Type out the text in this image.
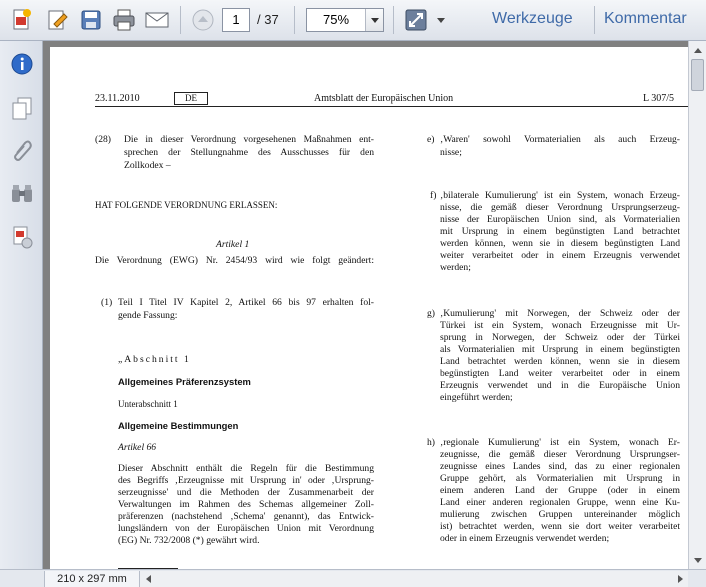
1	/ 37	75%	Werkzeuge Kommentar
23.11.2010	DE	Amtsblatt der Europäischen Union	L 307/5
(28) Die in dieser Verordnung vorgesehenen Maßnahmen ent-
sprechen der Stellungnahme des Ausschusses für den
Zollkodex –
HAT FOLGENDE VERORDNUNG ERLASSEN:
Artikel 1
Die Verordnung (EWG) Nr. 2454/93 wird wie folgt geändert:
(1) Teil I Titel IV Kapitel 2, Artikel 66 bis 97 erhalten fol-
gende Fassung:
„Abschnitt 1
Allgemeines Präferenzsystem
Unterabschnitt 1
Allgemeine Bestimmungen
Artikel 66
Dieser Abschnitt enthält die Regeln für die Bestimmung
des Begriffs ‚Erzeugnisse mit Ursprung in' oder ‚Ursprung-
serzeugnisse' und die Methoden der Zusammenarbeit der
Verwaltungen im Rahmen des Schemas allgemeiner Zoll-
präferenzen (nachstehend ‚Schema' genannt), das Entwick-
lungsländern von der Europäischen Union mit Verordnung
(EG) Nr. 732/2008 (*) gewährt wird.
e) ‚Waren' sowohl Vormaterialien als auch Erzeug-
nisse;
f) ‚bilaterale Kumulierung' ist ein System, wonach Erzeug-
nisse, die gemäß dieser Verordnung Ursprungserzeug-
nisse der Europäischen Union sind, als Vormaterialien
mit Ursprung in einem begünstigten Land betrachtet
werden können, wenn sie in diesem begünstigten Land
weiter verarbeitet oder in einem Erzeugnis verwendet
werden;
g) ‚Kumulierung' mit Norwegen, der Schweiz oder der
Türkei ist ein System, wonach Erzeugnisse mit Ur-
sprung in Norwegen, der Schweiz oder der Türkei
als Vormaterialien mit Ursprung in einem begünstigten
Land betrachtet werden können, wenn sie in diesem
begünstigten Land weiter verarbeitet oder in einem
Erzeugnis verwendet und in die Europäische Union
eingeführt werden;
h) ‚regionale Kumulierung' ist ein System, wonach Er-
zeugnisse, die gemäß dieser Verordnung Ursprungser-
zeugnisse eines Landes sind, das zu einer regionalen
Gruppe gehört, als Vormaterialien mit Ursprung in
einem anderen Land der Gruppe (oder in einem
Land einer anderen regionalen Gruppe, wenn eine Ku-
mulierung zwischen Gruppen untereinander möglich
ist) betrachtet werden, wenn sie dort weiter verarbeitet
oder in einem Erzeugnis verwendet werden;
210 x 297 mm
